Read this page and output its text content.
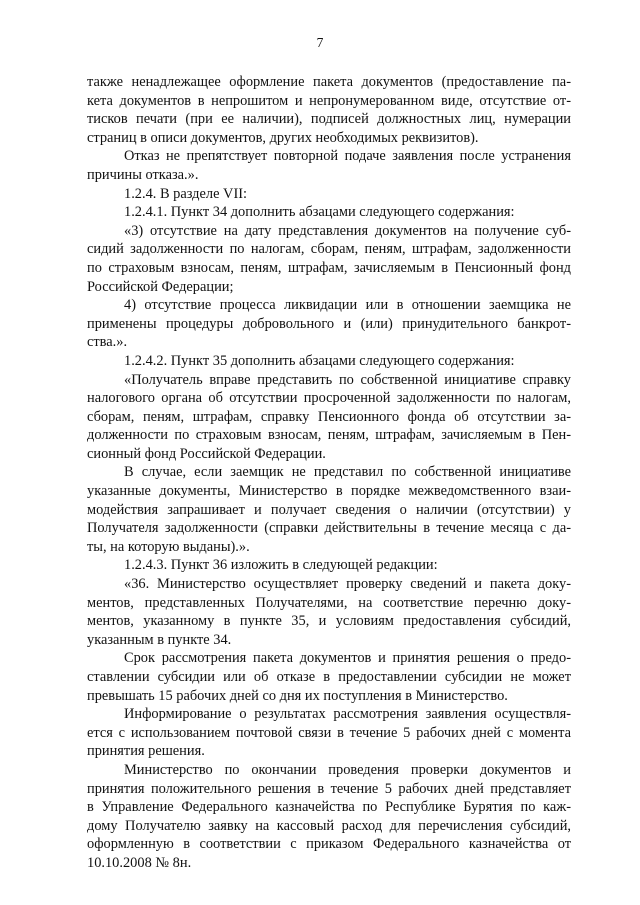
7
также ненадлежащее оформление пакета документов (предоставление па-
кета документов в непрошитом и непронумерованном виде, отсутствие от-
тисков печати (при ее наличии), подписей должностных лиц, нумерации
страниц в описи документов, других необходимых реквизитов).
Отказ не препятствует повторной подаче заявления после устранения
причины отказа.».
1.2.4. В разделе VII:
1.2.4.1. Пункт 34 дополнить абзацами следующего содержания:
«3) отсутствие на дату представления документов на получение суб-
сидий задолженности по налогам, сборам, пеням, штрафам, задолженности
по страховым взносам, пеням, штрафам, зачисляемым в Пенсионный фонд
Российской Федерации;
4) отсутствие процесса ликвидации или в отношении заемщика не
применены процедуры добровольного и (или) принудительного банкрот-
ства.».
1.2.4.2. Пункт 35 дополнить абзацами следующего содержания:
«Получатель вправе представить по собственной инициативе справку
налогового органа об отсутствии просроченной задолженности по налогам,
сборам, пеням, штрафам, справку Пенсионного фонда об отсутствии за-
долженности по страховым взносам, пеням, штрафам, зачисляемым в Пен-
сионный фонд Российской Федерации.
В случае, если заемщик не представил по собственной инициативе
указанные документы, Министерство в порядке межведомственного взаи-
модействия запрашивает и получает сведения о наличии (отсутствии) у
Получателя задолженности (справки действительны в течение месяца с да-
ты, на которую выданы).».
1.2.4.3. Пункт 36 изложить в следующей редакции:
«36. Министерство осуществляет проверку сведений и пакета доку-
ментов, представленных Получателями, на соответствие перечню доку-
ментов, указанному в пункте 35, и условиям предоставления субсидий,
указанным в пункте 34.
Срок рассмотрения пакета документов и принятия решения о предо-
ставлении субсидии или об отказе в предоставлении субсидии не может
превышать 15 рабочих дней со дня их поступления в Министерство.
Информирование о результатах рассмотрения заявления осуществля-
ется с использованием почтовой связи в течение 5 рабочих дней с момента
принятия решения.
Министерство по окончании проведения проверки документов и
принятия положительного решения в течение 5 рабочих дней представляет
в Управление Федерального казначейства по Республике Бурятия по каж-
дому Получателю заявку на кассовый расход для перечисления субсидий,
оформленную в соответствии с приказом Федерального казначейства от
10.10.2008 № 8н.
